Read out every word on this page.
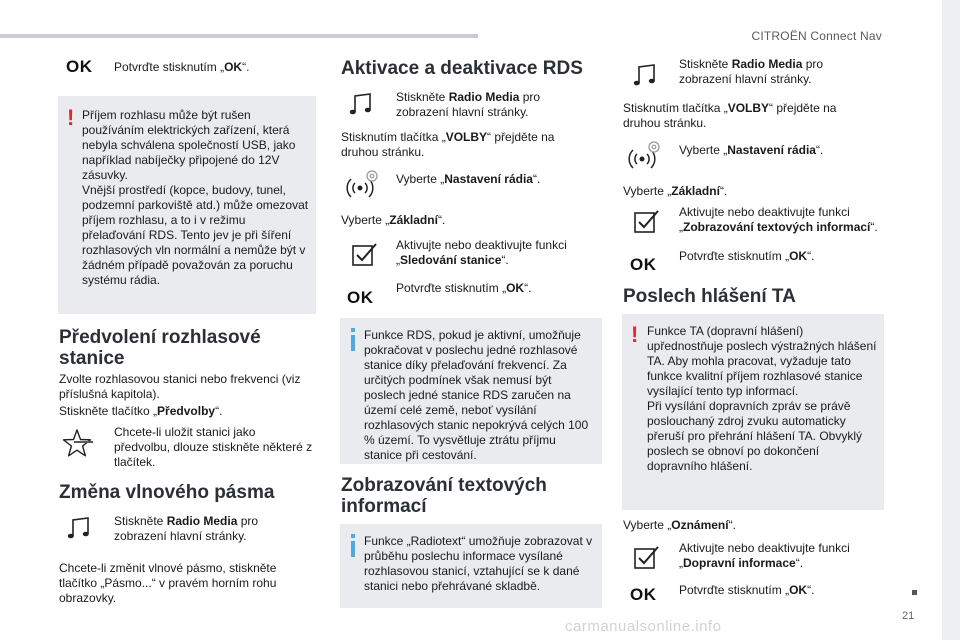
CITROËN Connect Nav
21
carmanualsonline.info
OK Potvrďte stisknutím „OK“.
! Příjem rozhlasu může být rušen používáním elektrických zařízení, která nebyla schválena společností USB, jako například nabíječky připojené do 12V zásuvky.
Vnější prostředí (kopce, budovy, tunel, podzemní parkoviště atd.) může omezovat příjem rozhlasu, a to i v režimu přelaďování RDS. Tento jev je při šíření rozhlasových vln normální a nemůže být v žádném případě považován za poruchu systému rádia.
Předvolení rozhlasové stanice
Zvolte rozhlasovou stanici nebo frekvenci (viz příslušná kapitola).
Stiskněte tlačítko „Předvolby“.
Chcete-li uložit stanici jako předvolbu, dlouze stiskněte některé z tlačítek.
Změna vlnového pásma
Stiskněte Radio Media pro zobrazení hlavní stránky.
Chcete-li změnit vlnové pásmo, stiskněte tlačítko „Pásmo...“ v pravém horním rohu obrazovky.
Aktivace a deaktivace RDS
Stiskněte Radio Media pro zobrazení hlavní stránky.
Stisknutím tlačítka „VOLBY“ přejděte na druhou stránku.
Vyberte „Nastavení rádia“.
Vyberte „Základní“.
Aktivujte nebo deaktivujte funkci „Sledování stanice“.
OK Potvrďte stisknutím „OK“.
Funkce RDS, pokud je aktivní, umožňuje pokračovat v poslechu jedné rozhlasové stanice díky přelaďování frekvencí. Za určitých podmínek však nemusí být poslech jedné stanice RDS zaručen na území celé země, neboť vysílání rozhlasových stanic nepokrývá celých 100 % území. To vysvětluje ztrátu příjmu stanice při cestování.
Zobrazování textových informací
Funkce „Radiotext“ umožňuje zobrazovat v průběhu poslechu informace vysílané rozhlasovou stanicí, vztahující se k dané stanici nebo přehrávané skladbě.
Stiskněte Radio Media pro zobrazení hlavní stránky.
Stisknutím tlačítka „VOLBY“ přejděte na druhou stránku.
Vyberte „Nastavení rádia“.
Vyberte „Základní“.
Aktivujte nebo deaktivujte funkci „Zobrazování textových informací“.
OK Potvrďte stisknutím „OK“.
Poslech hlášení TA
! Funkce TA (dopravní hlášení) upřednostňuje poslech výstražných hlášení TA. Aby mohla pracovat, vyžaduje tato funkce kvalitní příjem rozhlasové stanice vysílající tento typ informací.
Při vysílání dopravních zpráv se právě poslouchaný zdroj zvuku automaticky přeruší pro přehrání hlášení TA. Obvyklý poslech se obnoví po dokončení dopravního hlášení.
Vyberte „Oznámení“.
Aktivujte nebo deaktivujte funkci „Dopravní informace“.
OK Potvrďte stisknutím „OK“.
